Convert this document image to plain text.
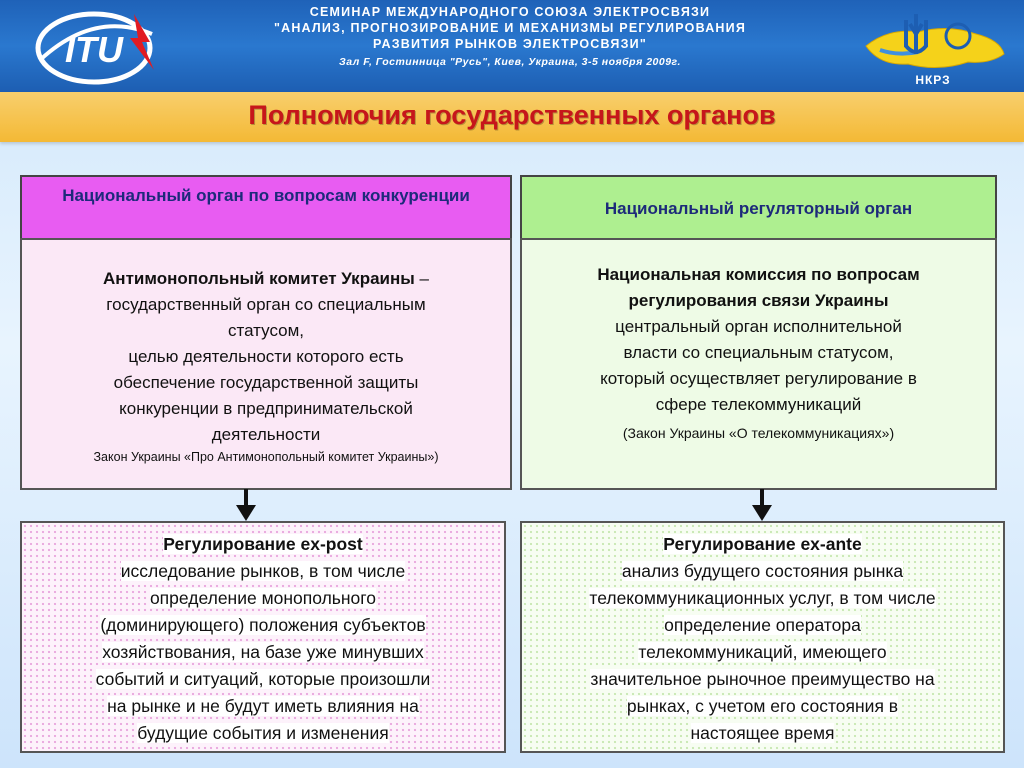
ITU
СЕМИНАР МЕЖДУНАРОДНОГО СОЮЗА ЭЛЕКТРОСВЯЗИ
"АНАЛИЗ, ПРОГНОЗИРОВАНИЕ И МЕХАНИЗМЫ РЕГУЛИРОВАНИЯ
РАЗВИТИЯ РЫНКОВ ЭЛЕКТРОСВЯЗИ"
Зал F, Гостинница "Русь", Киев, Украина, 3-5 ноября 2009г.
НКРЗ
Полномочия государственных органов
Национальный орган по вопросам конкуренции
Национальный регуляторный орган
Антимонопольный комитет Украины –
государственный орган со специальным
статусом,
целью деятельности которого есть
обеспечение государственной защиты
конкуренции в предпринимательской
деятельности
Закон Украины «Про Антимонопольный комитет Украины»)
Национальная комиссия по вопросам
регулирования связи Украины
центральный орган исполнительной
власти со специальным статусом,
который осуществляет регулирование в
сфере телекоммуникаций
(Закон Украины «О телекоммуникациях»)
Регулирование ex-post
исследование рынков, в том числе
определение монопольного
(доминирующего) положения субъектов
хозяйствования, на базе уже минувших
событий и ситуаций, которые произошли
на рынке и не будут иметь влияния на
будущие события и изменения
Регулирование ex-ante
анализ будущего состояния рынка
телекоммуникационных услуг, в том числе
определение оператора
телекоммуникаций, имеющего
значительное рыночное преимущество на
рынках, с учетом его состояния в
настоящее время
